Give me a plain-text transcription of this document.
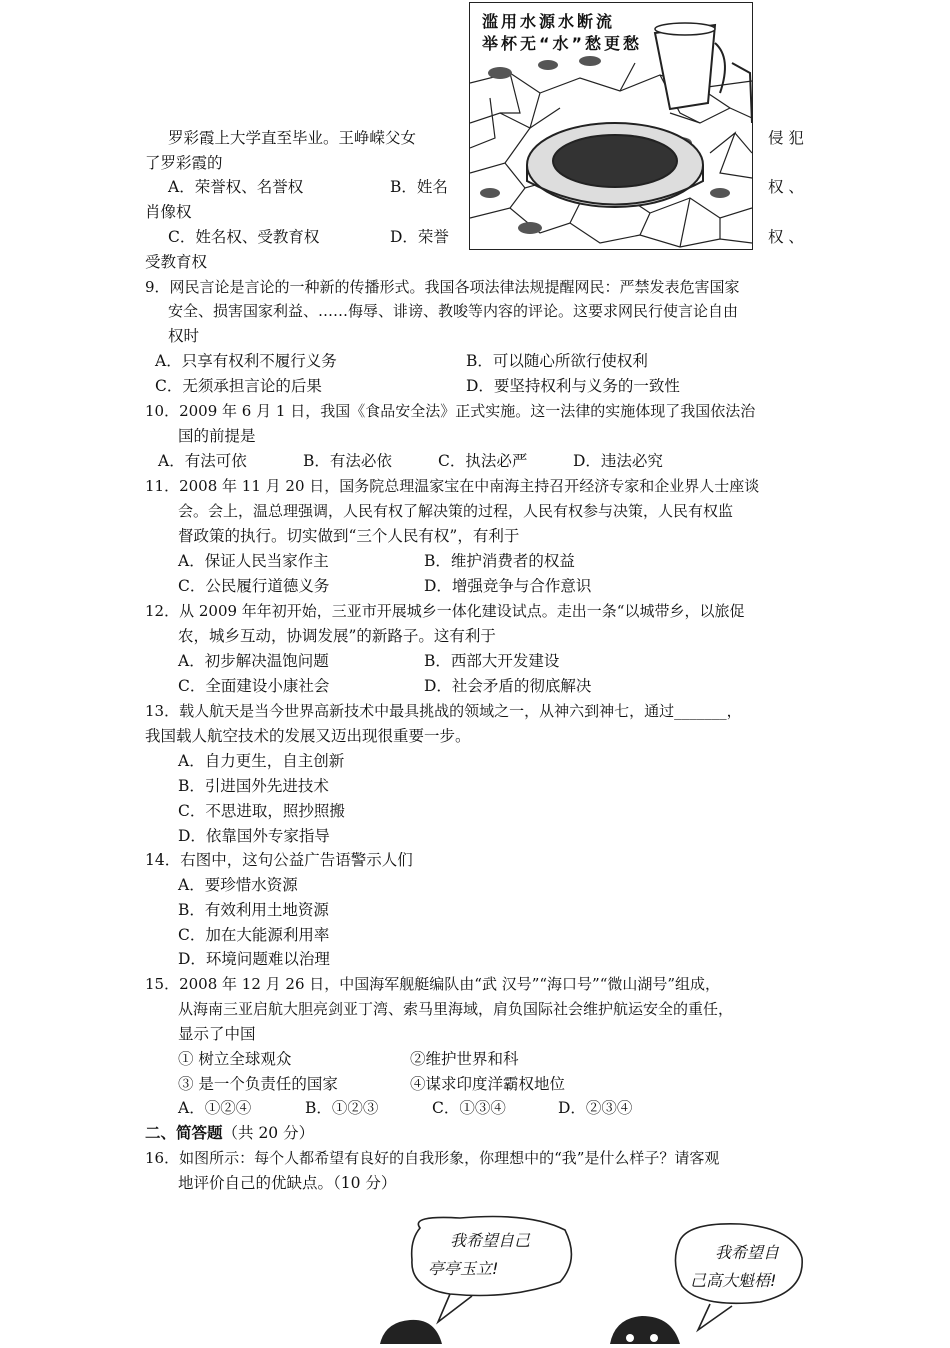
滥用水源水断流
举杯无“水”愁更愁
罗彩霞上大学直至毕业。王峥嵘父女	侵 犯
了罗彩霞的
A．荣誉权、名誉权	B．姓名	权 、
肖像权
C．姓名权、受教育权	D．荣誉	权 、
受教育权
9．网民言论是言论的一种新的传播形式。我国各项法律法规提醒网民：严禁发表危害国家
安全、损害国家利益、……侮辱、诽谤、教唆等内容的评论。这要求网民行使言论自由
权时
A．只享有权利不履行义务	B．可以随心所欲行使权利
C．无须承担言论的后果	D．要坚持权利与义务的一致性
10．2009 年 6 月 1 日，我国《食品安全法》正式实施。这一法律的实施体现了我国依法治
国的前提是
A．有法可依	B．有法必依	C．执法必严	D．违法必究
11．2008 年 11 月 20 日，国务院总理温家宝在中南海主持召开经济专家和企业界人士座谈
会。会上，温总理强调，人民有权了解决策的过程，人民有权参与决策，人民有权监
督政策的执行。切实做到“三个人民有权”，有利于
A．保证人民当家作主	B．维护消费者的权益
C．公民履行道德义务	D．增强竞争与合作意识
12．从 2009 年年初开始，三亚市开展城乡一体化建设试点。走出一条“以城带乡，以旅促
农，城乡互动，协调发展”的新路子。这有利于
A．初步解决温饱问题	B．西部大开发建设
C．全面建设小康社会	D．社会矛盾的彻底解决
13．载人航天是当今世界高新技术中最具挑战的领域之一，从神六到神七，通过_______，
我国载人航空技术的发展又迈出现很重要一步。
A．自力更生，自主创新
B．引进国外先进技术
C．不思进取，照抄照搬
D．依靠国外专家指导
14．右图中，这句公益广告语警示人们
A．要珍惜水资源
B．有效利用土地资源
C．加在大能源利用率
D．环境问题难以治理
15．2008 年 12 月 26 日，中国海军舰艇编队由“武 汉号”“海口号”“微山湖号”组成，
从海南三亚启航大胆亮剑亚丁湾、索马里海域，肩负国际社会维护航运安全的重任，
显示了中国
① 树立全球观众	②维护世界和科
③ 是一个负责任的国家	④谋求印度洋霸权地位
A．①②④	B．①②③	C．①③④	D．②③④
二、简答题（共 20 分）
16．如图所示：每个人都希望有良好的自我形象，你理想中的“我”是什么样子？请客观
地评价自己的优缺点。（10 分）
我希望自己
亭亭玉立!
我希望自
己高大魁梧!
